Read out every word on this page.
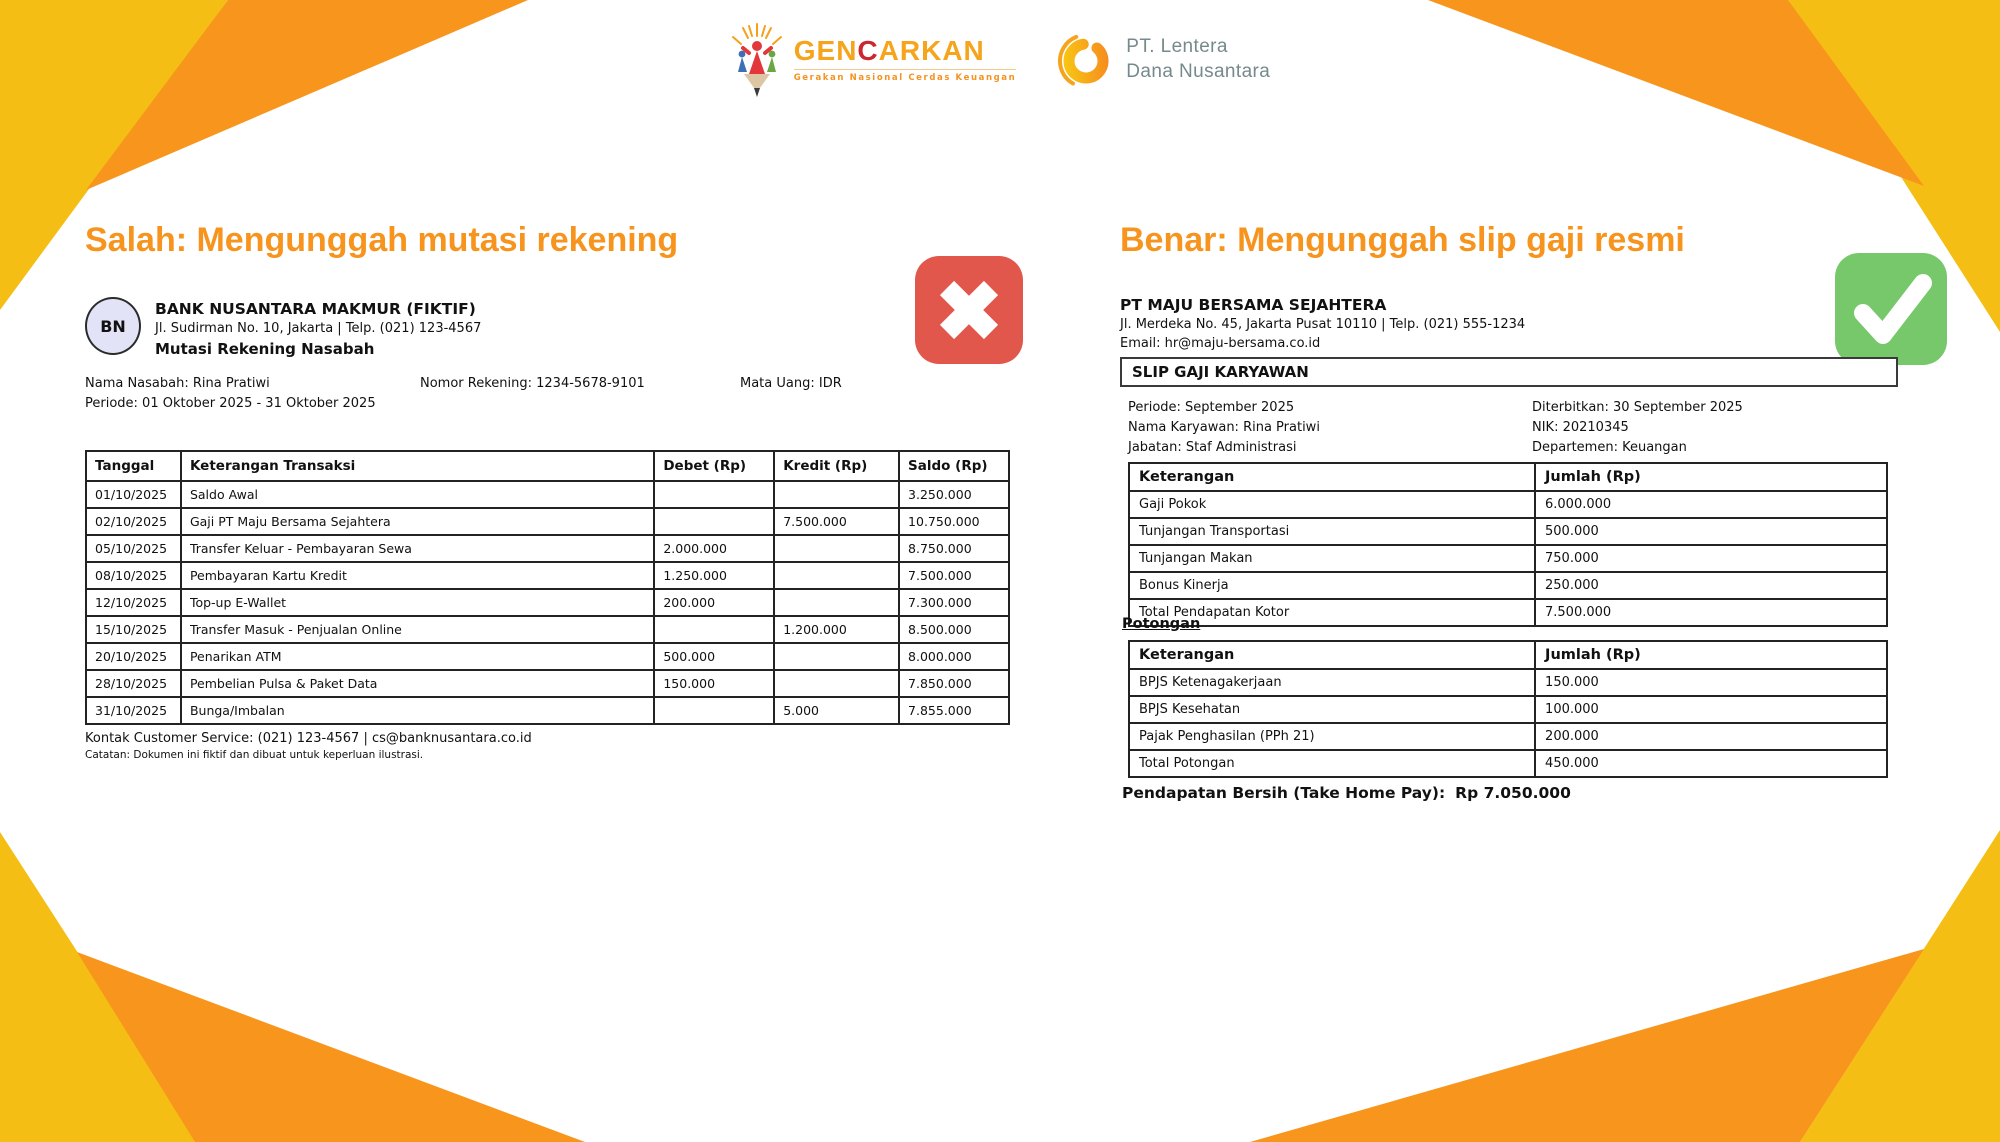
GENCARKAN
Gerakan Nasional Cerdas Keuangan
PT. Lentera
Dana Nusantara
Salah: Mengunggah mutasi rekening
BN
BANK NUSANTARA MAKMUR (FIKTIF)
Jl. Sudirman No. 10, Jakarta | Telp. (021) 123-4567
Mutasi Rekening Nasabah
Nama Nasabah: Rina Pratiwi	Nomor Rekening: 1234-5678-9101	Mata Uang: IDR
Periode: 01 Oktober 2025 - 31 Oktober 2025
Tanggal	Keterangan Transaksi	Debet (Rp)	Kredit (Rp)	Saldo (Rp)
01/10/2025	Saldo Awal			3.250.000
02/10/2025	Gaji PT Maju Bersama Sejahtera		7.500.000	10.750.000
05/10/2025	Transfer Keluar - Pembayaran Sewa	2.000.000		8.750.000
08/10/2025	Pembayaran Kartu Kredit	1.250.000		7.500.000
12/10/2025	Top-up E-Wallet	200.000		7.300.000
15/10/2025	Transfer Masuk - Penjualan Online		1.200.000	8.500.000
20/10/2025	Penarikan ATM	500.000		8.000.000
28/10/2025	Pembelian Pulsa & Paket Data	150.000		7.850.000
31/10/2025	Bunga/Imbalan		5.000	7.855.000
Kontak Customer Service: (021) 123-4567 | cs@banknusantara.co.id
Catatan: Dokumen ini fiktif dan dibuat untuk keperluan ilustrasi.
Benar: Mengunggah slip gaji resmi
PT MAJU BERSAMA SEJAHTERA
Jl. Merdeka No. 45, Jakarta Pusat 10110 | Telp. (021) 555-1234
Email: hr@maju-bersama.co.id
SLIP GAJI KARYAWAN
Periode: September 2025
Nama Karyawan: Rina Pratiwi
Jabatan: Staf Administrasi
Diterbitkan: 30 September 2025
NIK: 20210345
Departemen: Keuangan
Keterangan	Jumlah (Rp)
Gaji Pokok	6.000.000
Tunjangan Transportasi	500.000
Tunjangan Makan	750.000
Bonus Kinerja	250.000
Total Pendapatan Kotor	7.500.000
Potongan
Keterangan	Jumlah (Rp)
BPJS Ketenagakerjaan	150.000
BPJS Kesehatan	100.000
Pajak Penghasilan (PPh 21)	200.000
Total Potongan	450.000
Pendapatan Bersih (Take Home Pay): Rp 7.050.000
